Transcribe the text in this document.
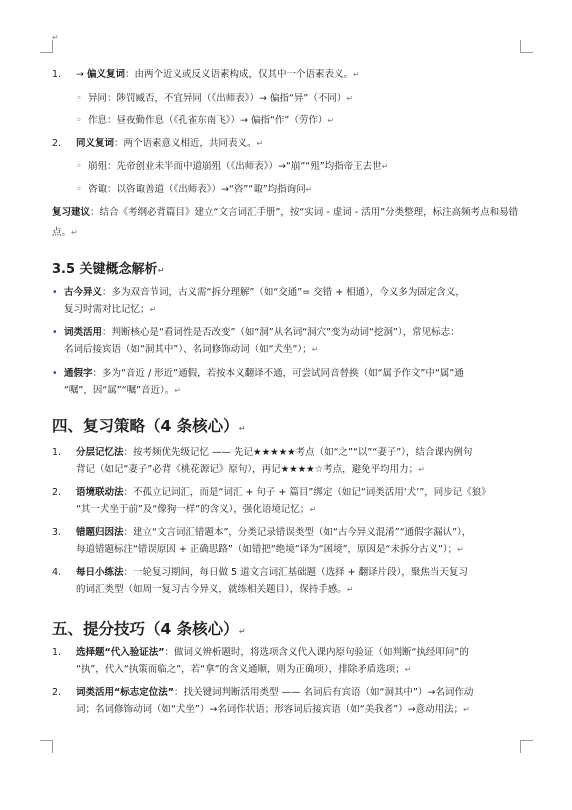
↵
1. → 偏义复词：由两个近义或反义语素构成，仅其中一个语素表义。↵
◦ 异同：陟罚臧否，不宜异同（《出师表》）→ 偏指“异”（不同）↵
◦ 作息：昼夜勤作息（《孔雀东南飞》）→ 偏指“作”（劳作）↵
2. 同义复词：两个语素意义相近，共同表义。↵
◦ 崩殂：先帝创业未半而中道崩殂（《出师表》）→“崩”“殂”均指帝王去世↵
◦ 咨诹：以咨诹善道（《出师表》）→“咨”“诹”均指询问↵
复习建议：结合《考纲必背篇目》建立“文言词汇手册”，按“实词 - 虚词 - 活用”分类整理，标注高频考点和易错点。↵
3.5 关键概念解析↵
• 古今异义：多为双音节词，古义需“拆分理解”（如“交通”= 交错 + 相通），今义多为固定含义，
复习时需对比记忆；↵
• 词类活用：判断核心是“看词性是否改变”（如“洞”从名词“洞穴”变为动词“挖洞”），常见标志：
名词后接宾语（如“洞其中”）、名词修饰动词（如“犬坐”）；↵
• 通假字：多为“音近 / 形近”通假，若按本义翻译不通，可尝试同音替换（如“属予作文”中“属”通
“嘱”，因“属”“嘱”音近）。↵
四、复习策略（4 条核心）↵
1. 分层记忆法：按考频优先级记忆 —— 先记★★★★★考点（如“之”“以”“妻子”），结合课内例句
背记（如记“妻子”必背《桃花源记》原句），再记★★★★☆考点，避免平均用力；↵
2. 语境联动法：不孤立记词汇，而是“词汇 + 句子 + 篇目”绑定（如记“词类活用‘犬’”，同步记《狼》
“其一犬坐于前”及“像狗一样”的含义），强化语境记忆；↵
3. 错题归因法：建立“文言词汇错题本”，分类记录错误类型（如“古今异义混淆”“通假字漏认”），
每道错题标注“错误原因 + 正确思路”（如错把“绝境”译为“困境”，原因是“未拆分古义”）；↵
4. 每日小练法：一轮复习期间，每日做 5 道文言词汇基础题（选择 + 翻译片段），聚焦当天复习
的词汇类型（如周一复习古今异义，就练相关题目），保持手感。↵
五、提分技巧（4 条核心）↵
1. 选择题“代入验证法”：做词义辨析题时，将选项含义代入课内原句验证（如判断“执经叩问”的
“执”，代入“执策而临之”，若“拿”的含义通顺，则为正确项），排除矛盾选项；↵
2. 词类活用“标志定位法”：找关键词判断活用类型 —— 名词后有宾语（如“洞其中”）→名词作动
词；名词修饰动词（如“犬坐”）→名词作状语；形容词后接宾语（如“美我者”）→意动用法；↵
